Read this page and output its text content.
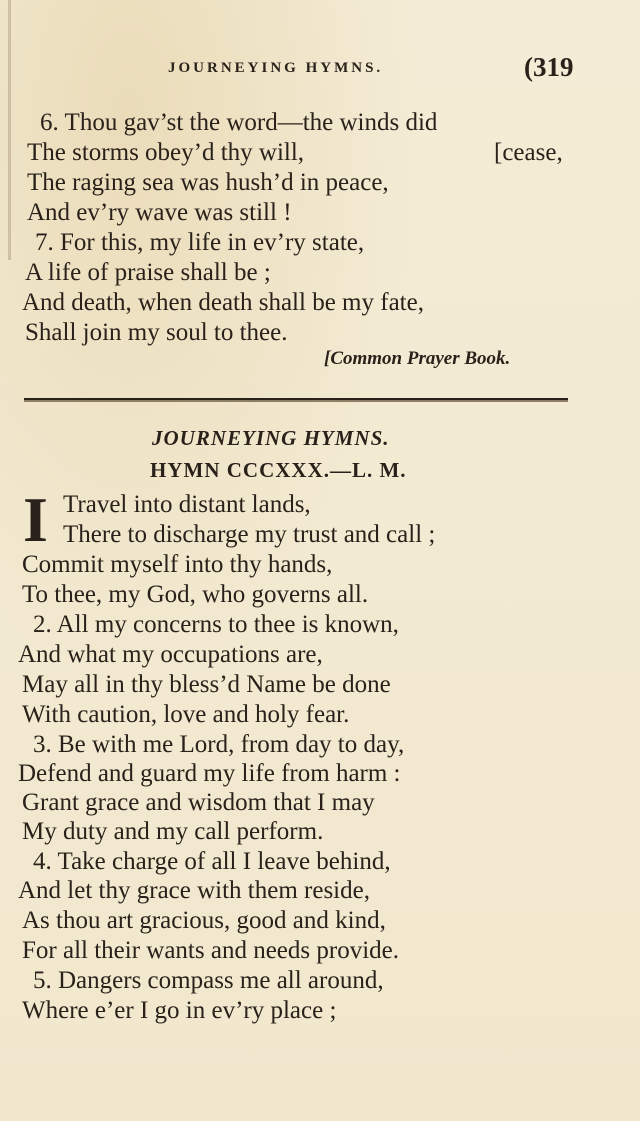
JOURNEYING HYMNS.	(319
6. Thou gav’st the word—the winds did
The storms obey’d thy will,	[cease,
The raging sea was hush’d in peace,
And ev’ry wave was still !
7. For this, my life in ev’ry state,
A life of praise shall be ;
And death, when death shall be my fate,
Shall join my soul to thee.
[Common Prayer Book.
JOURNEYING HYMNS.
HYMN CCCXXX.—L. M.
I Travel into distant lands,
There to discharge my trust and call ;
Commit myself into thy hands,
To thee, my God, who governs all.
2. All my concerns to thee is known,
And what my occupations are,
May all in thy bless’d Name be done
With caution, love and holy fear.
3. Be with me Lord, from day to day,
Defend and guard my life from harm :
Grant grace and wisdom that I may
My duty and my call perform.
4. Take charge of all I leave behind,
And let thy grace with them reside,
As thou art gracious, good and kind,
For all their wants and needs provide.
5. Dangers compass me all around,
Where e’er I go in ev’ry place ;
